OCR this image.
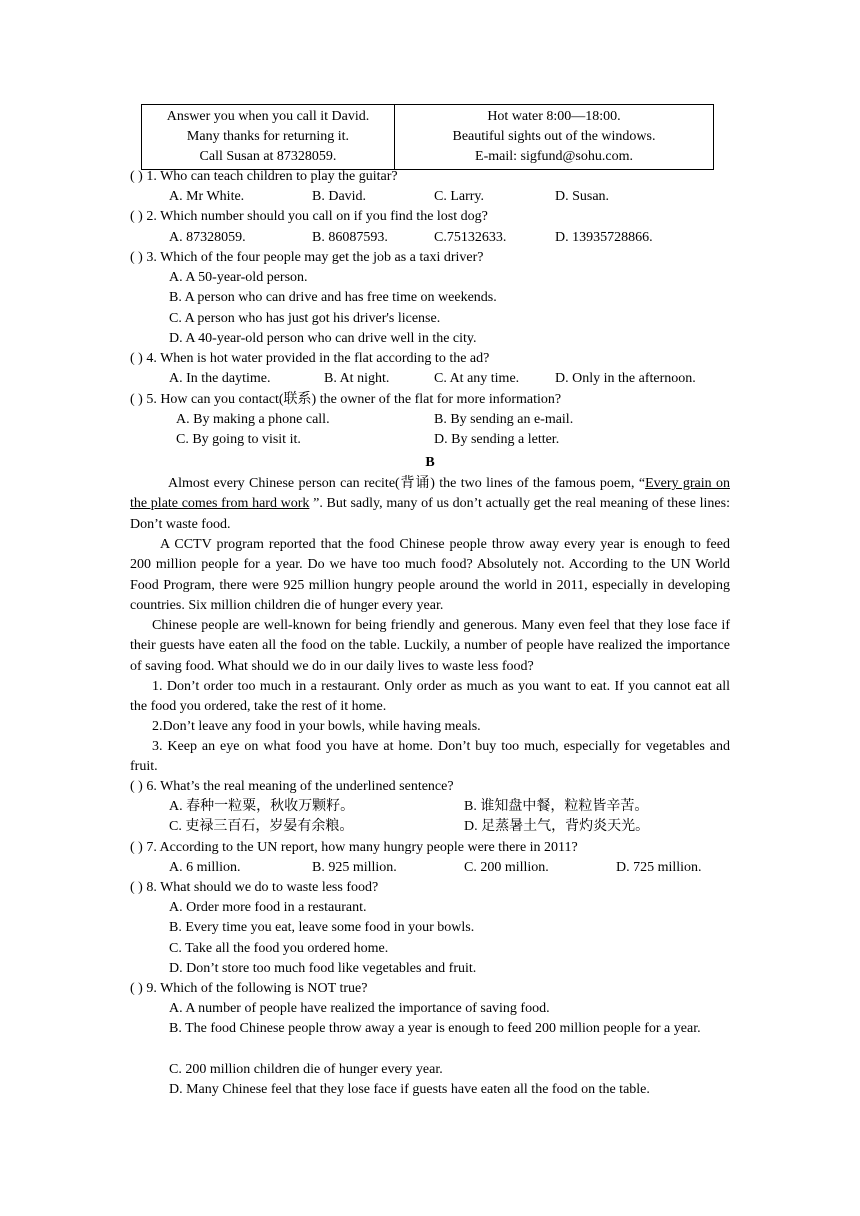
Answer you when you call it David.
Many thanks for returning it.
Call Susan at 87328059.

Hot water 8:00—18:00.
Beautiful sights out of the windows.
E-mail: sigfund@sohu.com.
( ) 1. Who can teach children to play the guitar?
A. Mr White.	B. David.	C. Larry.	D. Susan.
( ) 2. Which number should you call on if you find the lost dog?
A. 87328059.	B. 86087593.	C.75132633.	D. 13935728866.
( ) 3. Which of the four people may get the job as a taxi driver?
A. A 50-year-old person.
B. A person who can drive and has free time on weekends.
C. A person who has just got his driver's license.
D. A 40-year-old person who can drive well in the city.
( ) 4. When is hot water provided in the flat according to the ad?
A. In the daytime.	B. At night.	C. At any time.	D. Only in the afternoon.
( ) 5. How can you contact(联系) the owner of the flat for more information?
A. By making a phone call.	B. By sending an e-mail.
C. By going to visit it.	D. By sending a letter.
B
Almost every Chinese person can recite(背诵) the two lines of the famous poem, “Every grain on the plate comes from hard work ”. But sadly, many of us don’t actually get the real meaning of these lines: Don’t waste food.
A CCTV program reported that the food Chinese people throw away every year is enough to feed 200 million people for a year. Do we have too much food? Absolutely not. According to the UN World Food Program, there were 925 million hungry people around the world in 2011, especially in developing countries. Six million children die of hunger every year.
Chinese people are well-known for being friendly and generous. Many even feel that they lose face if their guests have eaten all the food on the table. Luckily, a number of people have realized the importance of saving food. What should we do in our daily lives to waste less food?
1. Don’t order too much in a restaurant. Only order as much as you want to eat. If you cannot eat all the food you ordered, take the rest of it home.
2.Don’t leave any food in your bowls, while having meals.
3. Keep an eye on what food you have at home. Don’t buy too much, especially for vegetables and fruit.
( ) 6. What’s the real meaning of the underlined sentence?
A. 春种一粒粟，秋收万颗籽。	B. 谁知盘中餐，粒粒皆辛苦。
C. 吏禄三百石，岁晏有余粮。	D. 足蒸暑土气，背灼炎天光。
( ) 7. According to the UN report, how many hungry people were there in 2011?
A. 6 million.	B. 925 million.	C. 200 million.	D. 725 million.
( ) 8. What should we do to waste less food?
A. Order more food in a restaurant.
B. Every time you eat, leave some food in your bowls.
C. Take all the food you ordered home.
D. Don’t store too much food like vegetables and fruit.
( ) 9. Which of the following is NOT true?
A. A number of people have realized the importance of saving food.
B. The food Chinese people throw away a year is enough to feed 200 million people for a year.
C. 200 million children die of hunger every year.
D. Many Chinese feel that they lose face if guests have eaten all the food on the table.
